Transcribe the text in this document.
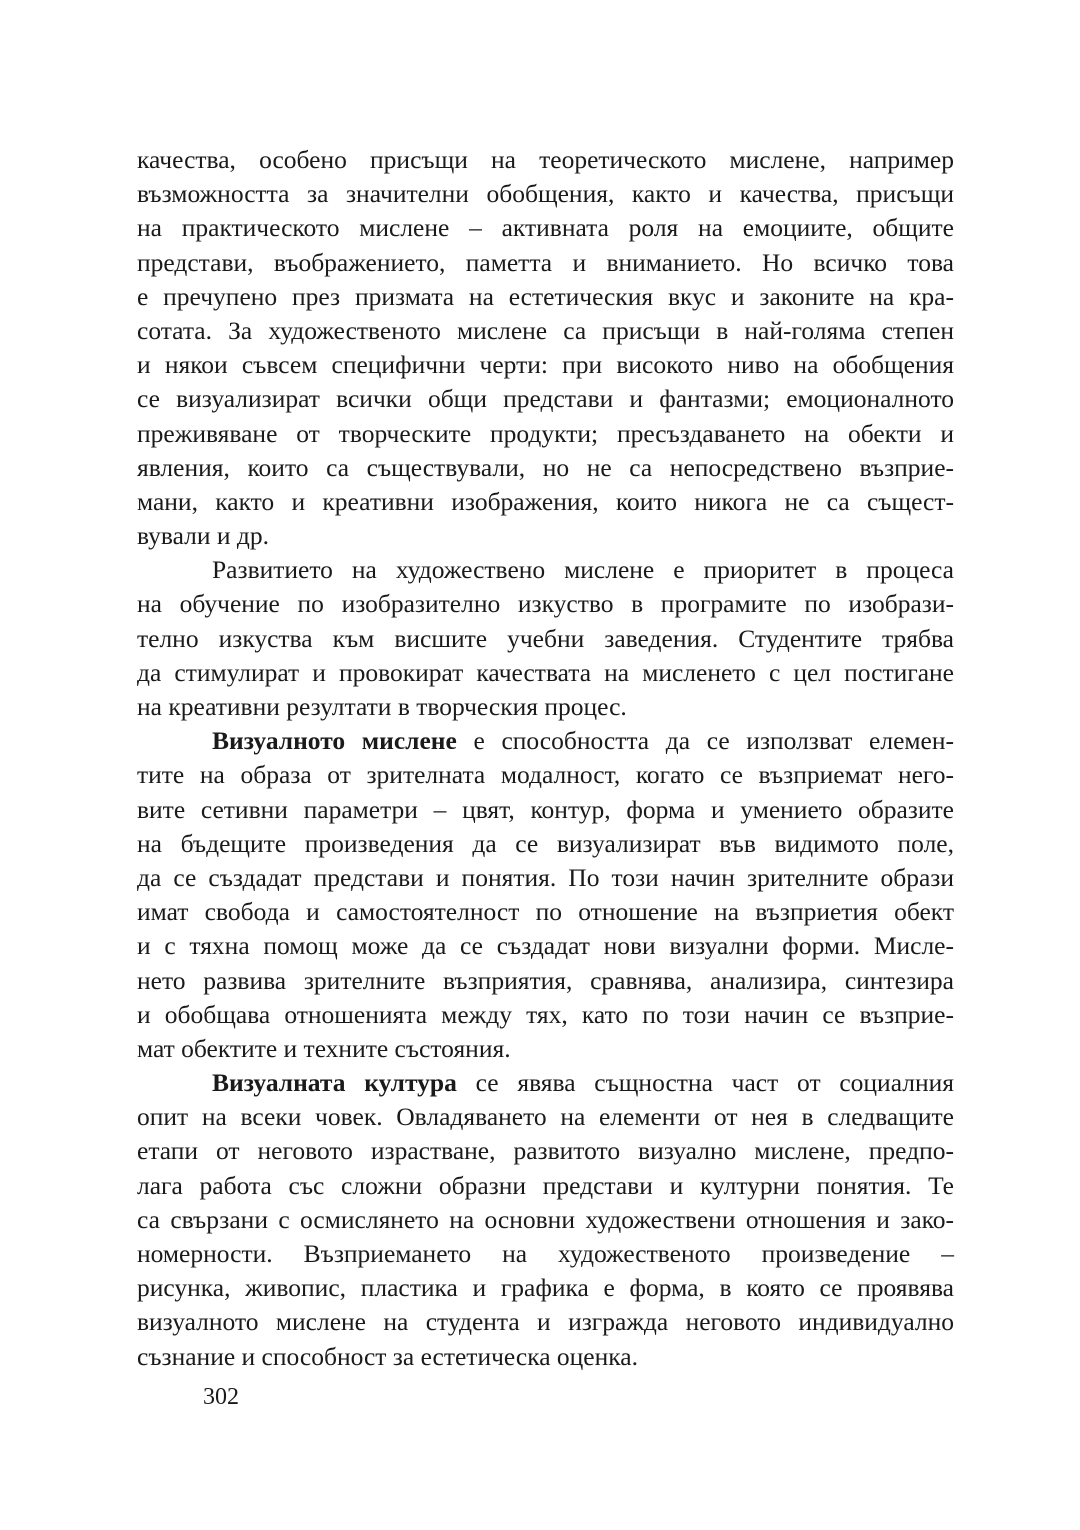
качества, особено присъщи на теоретическото мислене, например
възможността за значителни обобщения, както и качества, присъщи
на практическото мислене – активната роля на емоциите, общите
представи, въображението, паметта и вниманието. Но всичко това
е пречупено през призмата на естетическия вкус и законите на кра-
сотата. За художественото мислене са присъщи в най-голяма степен
и някои съвсем специфични черти: при високото ниво на обобщения
се визуализират всички общи представи и фантазми; емоционалното
преживяване от творческите продукти; пресъздаването на обекти и
явления, които са съществували, но не са непосредствено възприе-
мани, както и креативни изображения, които никога не са същест-
вували и др.
Развитието на художествено мислене е приоритет в процеса
на обучение по изобразително изкуство в програмите по изобрази-
телно изкуства към висшите учебни заведения. Студентите трябва
да стимулират и провокират качествата на мисленето с цел постигане
на креативни резултати в творческия процес.
Визуалното мислене е способността да се използват елемен-
тите на образа от зрителната модалност, когато се възприемат него-
вите сетивни параметри – цвят, контур, форма и умението образите
на бъдещите произведения да се визуализират във видимото поле,
да се създадат представи и понятия. По този начин зрителните образи
имат свобода и самостоятелност по отношение на възприетия обект
и с тяхна помощ може да се създадат нови визуални форми. Мисле-
нето развива зрителните възприятия, сравнява, анализира, синтезира
и обобщава отношенията между тях, като по този начин се възприе-
мат обектите и техните състояния.
Визуалната култура се явява същностна част от социалния
опит на всеки човек. Овладяването на елементи от нея в следващите
етапи от неговото израстване, развитото визуално мислене, предпо-
лага работа със сложни образни представи и културни понятия. Те
са свързани с осмислянето на основни художествени отношения и зако-
номерности. Възприемането на художественото произведение –
рисунка, живопис, пластика и графика е форма, в която се проявява
визуалното мислене на студента и изгражда неговото индивидуално
съзнание и способност за естетическа оценка.
302
